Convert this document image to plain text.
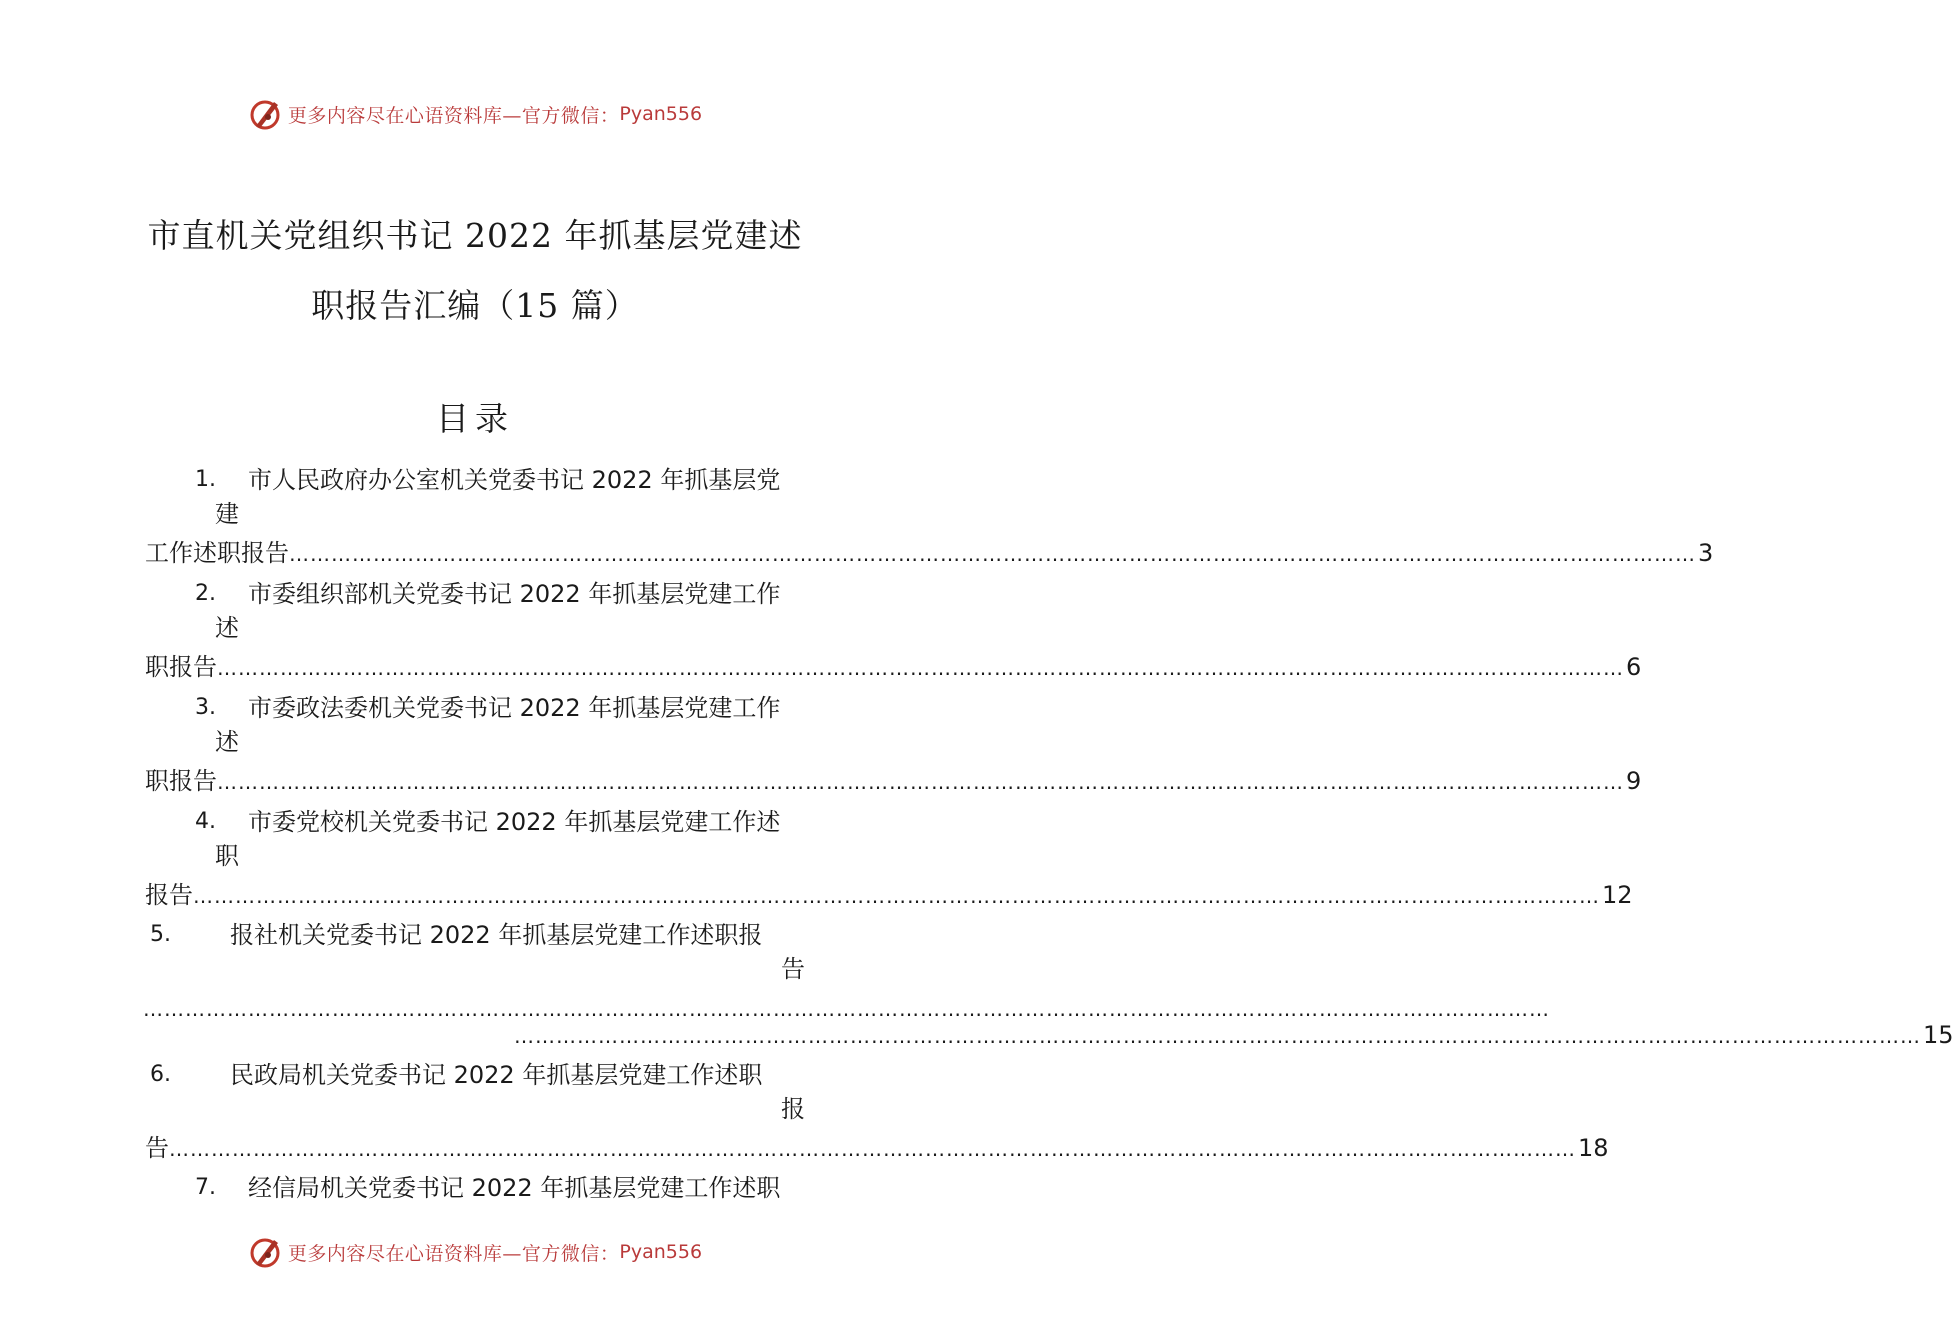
更多内容尽在心语资料库—官方微信： Pyan556
市直机关党组织书记 2022 年抓基层党建述
职报告汇编（15 篇）
目录
1. 市人民政府办公室机关党委书记 2022 年抓基层党
建
工作述职报告 ………………………………………………………………………………………………………………………………………………………………………………… 3
2. 市委组织部机关党委书记 2022 年抓基层党建工作
述
职报告 ………………………………………………………………………………………………………………………………………………………………………………… 6
3. 市委政法委机关党委书记 2022 年抓基层党建工作
述
职报告 ………………………………………………………………………………………………………………………………………………………………………………… 9
4. 市委党校机关党委书记 2022 年抓基层党建工作述
职
报告 ………………………………………………………………………………………………………………………………………………………………………………… 12
5. 报社机关党委书记 2022 年抓基层党建工作述职报
告
…………………………………………………………………………………………………………………………………………………………………………………
………………………………………………………………………………………………………………………………………………………………………………… 15
6. 民政局机关党委书记 2022 年抓基层党建工作述职
报
告 ………………………………………………………………………………………………………………………………………………………………………………… 18
7. 经信局机关党委书记 2022 年抓基层党建工作述职
更多内容尽在心语资料库—官方微信： Pyan556
